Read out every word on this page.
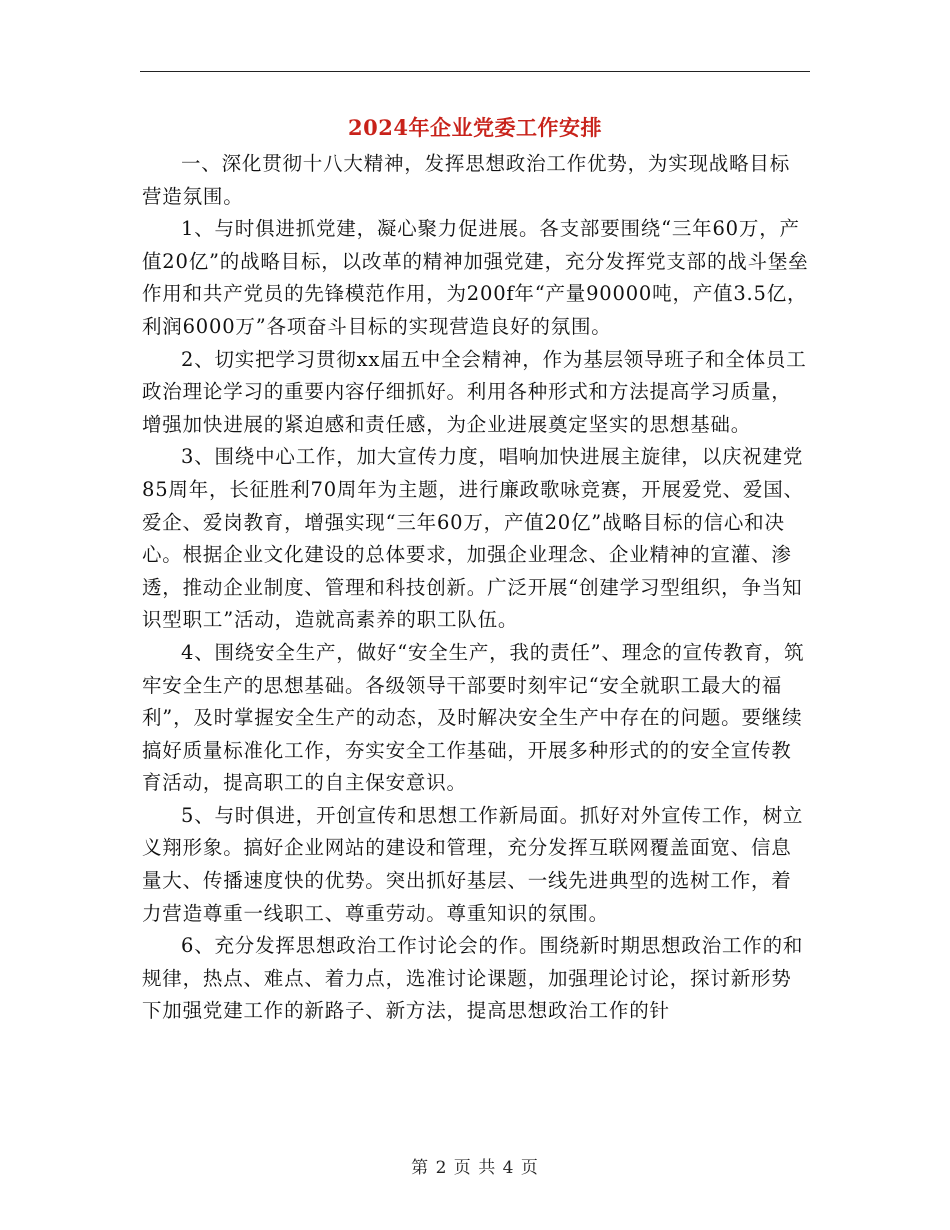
2024年企业党委工作安排

一、深化贯彻十八大精神，发挥思想政治工作优势，为实现战略目标营造氛围。

1、与时俱进抓党建，凝心聚力促进展。各支部要围绕“三年60万，产值20亿”的战略目标，以改革的精神加强党建，充分发挥党支部的战斗堡垒作用和共产党员的先锋模范作用，为200f年“产量90000吨，产值3.5亿，利润6000万”各项奋斗目标的实现营造良好的氛围。

2、切实把学习贯彻xx届五中全会精神，作为基层领导班子和全体员工政治理论学习的重要内容仔细抓好。利用各种形式和方法提高学习质量，增强加快进展的紧迫感和责任感，为企业进展奠定坚实的思想基础。

3、围绕中心工作，加大宣传力度，唱响加快进展主旋律，以庆祝建党85周年，长征胜利70周年为主题，进行廉政歌咏竞赛，开展爱党、爱国、爱企、爱岗教育，增强实现“三年60万，产值20亿”战略目标的信心和决心。根据企业文化建设的总体要求，加强企业理念、企业精神的宣灌、渗透，推动企业制度、管理和科技创新。广泛开展“创建学习型组织，争当知识型职工”活动，造就高素养的职工队伍。

4、围绕安全生产，做好“安全生产，我的责任”、理念的宣传教育，筑牢安全生产的思想基础。各级领导干部要时刻牢记“安全就职工最大的福利”，及时掌握安全生产的动态，及时解决安全生产中存在的问题。要继续搞好质量标准化工作，夯实安全工作基础，开展多种形式的的安全宣传教育活动，提高职工的自主保安意识。

5、与时俱进，开创宣传和思想工作新局面。抓好对外宣传工作，树立义翔形象。搞好企业网站的建设和管理，充分发挥互联网覆盖面宽、信息量大、传播速度快的优势。突出抓好基层、一线先进典型的选树工作，着力营造尊重一线职工、尊重劳动。尊重知识的氛围。

6、充分发挥思想政治工作讨论会的作。围绕新时期思想政治工作的和规律，热点、难点、着力点，选准讨论课题，加强理论讨论，探讨新形势下加强党建工作的新路子、新方法，提高思想政治工作的针

第 2 页 共 4 页
